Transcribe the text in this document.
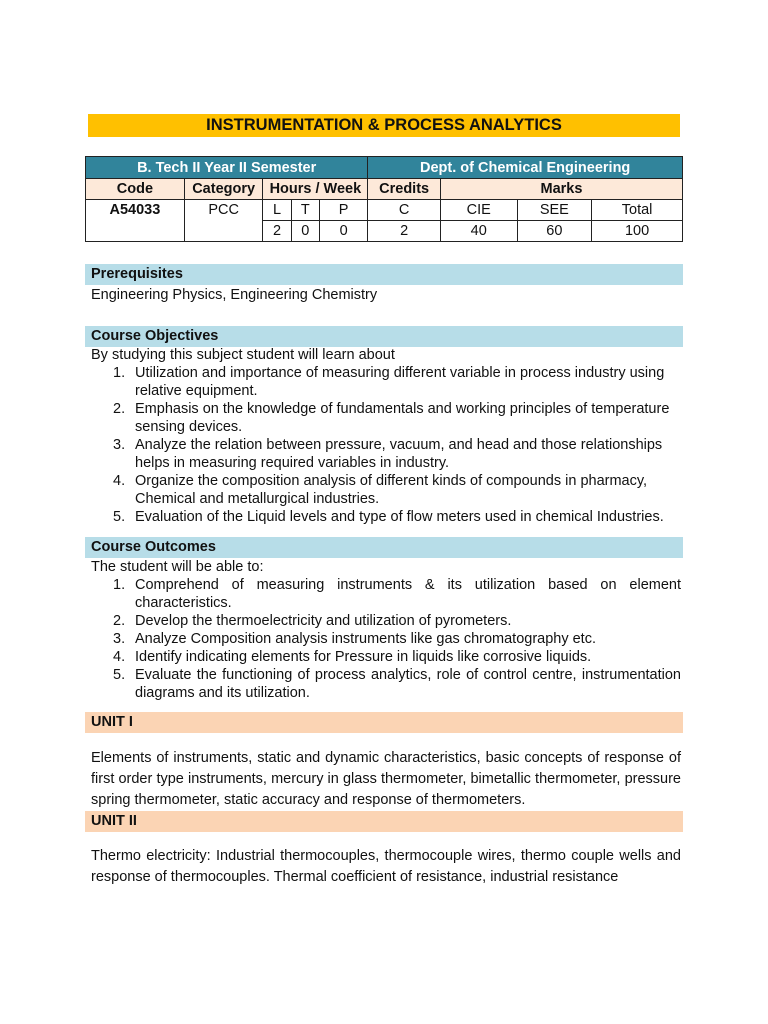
INSTRUMENTATION & PROCESS ANALYTICS
B. Tech II Year II Semester					Dept. of Chemical Engineering			
Code	Category	Hours / Week			Credits	Marks		
A54033	PCC	L	T	P	C	CIE	SEE	Total
		2	0	0	2	40	60	100
Prerequisites
Engineering Physics, Engineering Chemistry
Course Objectives
By studying this subject student will learn about
1. Utilization and importance of measuring different variable in process industry using relative equipment.
2. Emphasis on the knowledge of fundamentals and working principles of temperature sensing devices.
3. Analyze the relation between pressure, vacuum, and head and those relationships helps in measuring required variables in industry.
4. Organize the composition analysis of different kinds of compounds in pharmacy, Chemical and metallurgical industries.
5. Evaluation of the Liquid levels and type of flow meters used in chemical Industries.
Course Outcomes
The student will be able to:
1. Comprehend of measuring instruments & its utilization based on element characteristics.
2. Develop the thermoelectricity and utilization of pyrometers.
3. Analyze Composition analysis instruments like gas chromatography etc.
4. Identify indicating elements for Pressure in liquids like corrosive liquids.
5. Evaluate the functioning of process analytics, role of control centre, instrumentation diagrams and its utilization.
UNIT I
Elements of instruments, static and dynamic characteristics, basic concepts of response of first order type instruments, mercury in glass thermometer, bimetallic thermometer, pressure spring thermometer, static accuracy and response of thermometers.
UNIT II
Thermo electricity: Industrial thermocouples, thermocouple wires, thermo couple wells and response of thermocouples. Thermal coefficient of resistance, industrial resistance
